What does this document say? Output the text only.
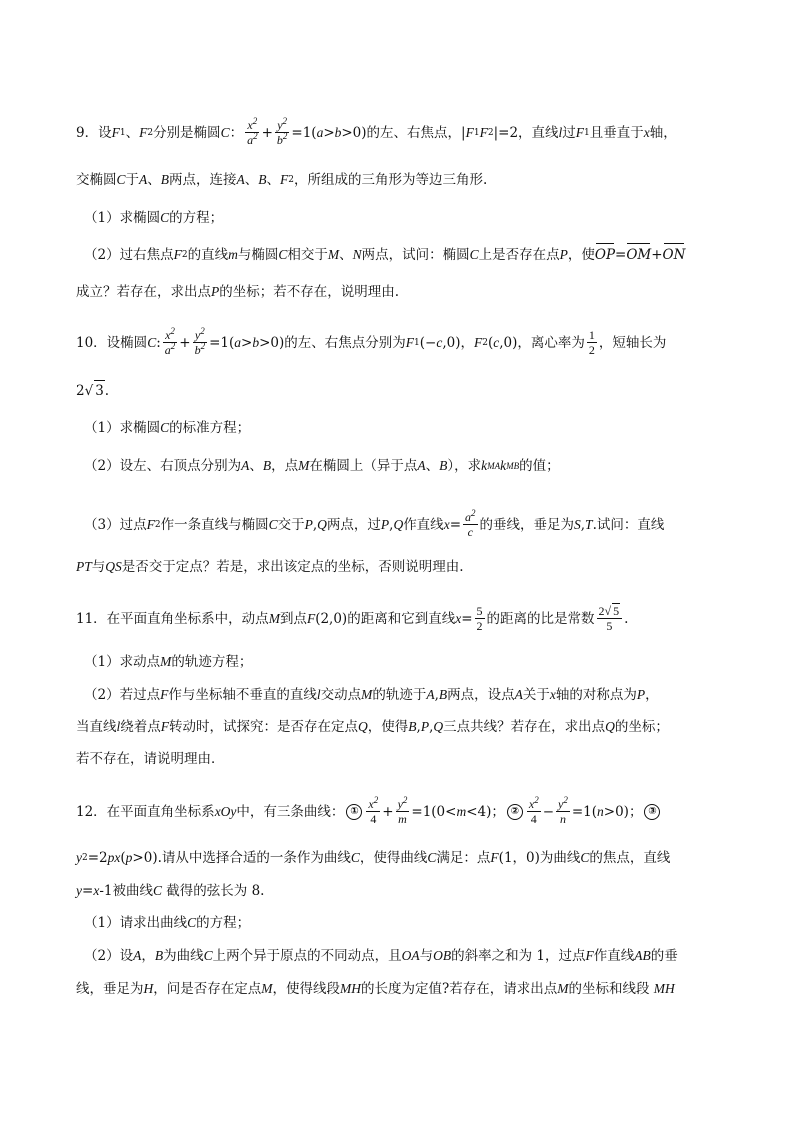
9．设 F 1 、 F 2 分别是椭圆 C ： $\frac{x^2}{a^2} + \frac{y^2}{b^2} =1$( a > b >0) 的左、右焦点， | F 1 F 2 |=2 ，直线 l 过 F 1 且垂直于 x 轴，
交椭圆 C 于 A 、 B 两点，连接 A 、 B 、 F 2 ，所组成的三角形为等边三角形.
（1）求椭圆 C 的方程；
（2）过右焦点 F 2 的直线 m 与椭圆 C 相交于 M 、 N 两点，试问：椭圆 C 上是否存在点 P ，使 OP = OM + ON
成立？若存在，求出点 P 的坐标；若不存在，说明理由.
10．设椭圆 C : $\frac{x^2}{a^2} + \frac{y^2}{b^2} =1$( a > b >0) 的左、右焦点分别为 F 1 (− c ,0) ， F 2 ( c ,0) ，离心率为 $\frac{1}{2}$ ，短轴长为
2 √ 3 .
（1）求椭圆 C 的标准方程；
（2）设左、右顶点分别为 A 、 B ，点 M 在椭圆上（异于点 A 、 B ），求 k MA k MB 的值；
（3）过点 F 2 作一条直线与椭圆 C 交于 P , Q 两点，过 P , Q 作直线 $x = \frac{a^2}{c}$ 的垂线，垂足为 S , T .试问：直线
PT 与 QS 是否交于定点？若是，求出该定点的坐标，否则说明理由.
11．在平面直角坐标系中，动点 M 到点 F (2,0) 的距离和它到直线 $x = \frac{5}{2}$ 的距离的比是常数 $\frac{2√ 5}{5}$ .
（1）求动点 M 的轨迹方程；
（2）若过点 F 作与坐标轴不垂直的直线 l 交动点 M 的轨迹于 A , B 两点，设点 A 关于 x 轴的对称点为 P ，
当直线 l 绕着点 F 转动时，试探究：是否存在定点 Q ，使得 B , P , Q 三点共线？若存在，求出点 Q 的坐标；
若不存在，请说明理由．
12．在平面直角坐标系 xOy 中，有三条曲线： ① $\frac{x^2}{4} + \frac{y^2}{m} =1(0< m <4)$ ； ② $\frac{x^2}{4} - \frac{y^2}{n} =1$( n >0) ； ③
y 2 =2 px ( p >0) .请从中选择合适的一条作为曲线 C ，使得曲线 C 满足：点 F (1，0)为曲线 C 的焦点，直线
y = x -1 被曲线 C
截得的弦长为 8.
（1）请求出曲线 C 的方程；
（2）设 A ， B 为曲线 C 上两个异于原点的不同动点，且 OA 与 OB 的斜率之和为 1，过点 F 作直线 AB 的垂
线，垂足为 H ，问是否存在定点 M ，使得线段 MH 的长度为定值?若存在，请求出点 M 的坐标和线段
MH
